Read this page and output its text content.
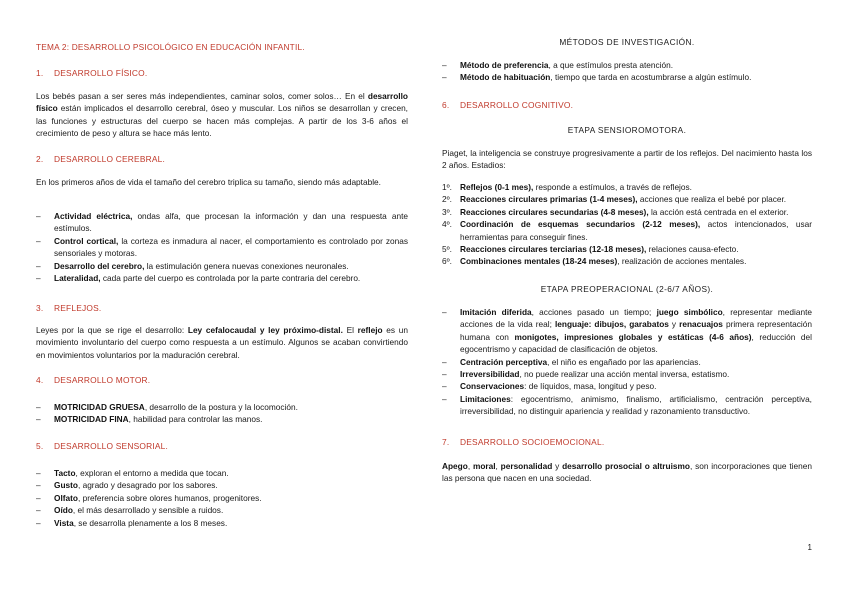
TEMA 2: DESARROLLO PSICOLÓGICO EN EDUCACIÓN INFANTIL.
1. DESARROLLO FÍSICO.

Los bebés pasan a ser seres más independientes, caminar solos, comer solos… En el desarrollo físico están implicados el desarrollo cerebral, óseo y muscular. Los niños se desarrollan y crecen, las funciones y estructuras del cuerpo se hacen más complejas. A partir de los 3-6 años el crecimiento de peso y altura se hace más lento.

2. DESARROLLO CEREBRAL.

En los primeros años de vida el tamaño del cerebro triplica su tamaño, siendo más adaptable.

– Actividad eléctrica, ondas alfa, que procesan la información y dan una respuesta ante estímulos.
– Control cortical, la corteza es inmadura al nacer, el comportamiento es controlado por zonas sensoriales y motoras.
– Desarrollo del cerebro, la estimulación genera nuevas conexiones neuronales.
– Lateralidad, cada parte del cuerpo es controlada por la parte contraria del cerebro.
3. REFLEJOS.

Leyes por la que se rige el desarrollo: Ley cefalocaudal y ley próximo-distal. El reflejo es un movimiento involuntario del cuerpo como respuesta a un estímulo. Algunos se acaban convirtiendo en movimientos voluntarios por la maduración cerebral.

4. DESARROLLO MOTOR.
– MOTRICIDAD GRUESA, desarrollo de la postura y la locomoción.
– MOTRICIDAD FINA, habilidad para controlar las manos.
5. DESARROLLO SENSORIAL.
– Tacto, exploran el entorno a medida que tocan.
– Gusto, agrado y desagrado por los sabores.
– Olfato, preferencia sobre olores humanos, progenitores.
– Oído, el más desarrollado y sensible a ruidos.
– Vista, se desarrolla plenamente a los 8 meses.
MÉTODOS DE INVESTIGACIÓN.
– Método de preferencia, a que estímulos presta atención.
– Método de habituación, tiempo que tarda en acostumbrarse a algún estímulo.
6. DESARROLLO COGNITIVO.
ETAPA SENSIOROMOTORA.

Piaget, la inteligencia se construye progresivamente a partir de los reflejos. Del nacimiento hasta los 2 años. Estadios:

1º. Reflejos (0-1 mes), responde a estímulos, a través de reflejos.
2º. Reacciones circulares primarias (1-4 meses), acciones que realiza el bebé por placer.
3º. Reacciones circulares secundarias (4-8 meses), la acción está centrada en el exterior.
4º. Coordinación de esquemas secundarios (2-12 meses), actos intencionados, usar herramientas para conseguir fines.
5º. Reacciones circulares terciarias (12-18 meses), relaciones causa-efecto.
6º. Combinaciones mentales (18-24 meses), realización de acciones mentales.
ETAPA PREOPERACIONAL (2-6/7 AÑOS).
– Imitación diferida, acciones pasado un tiempo; juego simbólico, representar mediante acciones de la vida real; lenguaje: dibujos, garabatos y renacuajos primera representación humana con monigotes, impresiones globales y estáticas (4-6 años), reducción del egocentrismo y capacidad de clasificación de objetos.
– Centración perceptiva, el niño es engañado por las apariencias.
– Irreversibilidad, no puede realizar una acción mental inversa, estatismo.
– Conservaciones: de líquidos, masa, longitud y peso.
– Limitaciones: egocentrismo, animismo, finalismo, artificialismo, centración perceptiva, irreversibilidad, no distinguir apariencia y realidad y razonamiento transductivo.
7. DESARROLLO SOCIOEMOCIONAL.

Apego, moral, personalidad y desarrollo prosocial o altruismo, son incorporaciones que tienen las persona que nacen en una sociedad.

1
